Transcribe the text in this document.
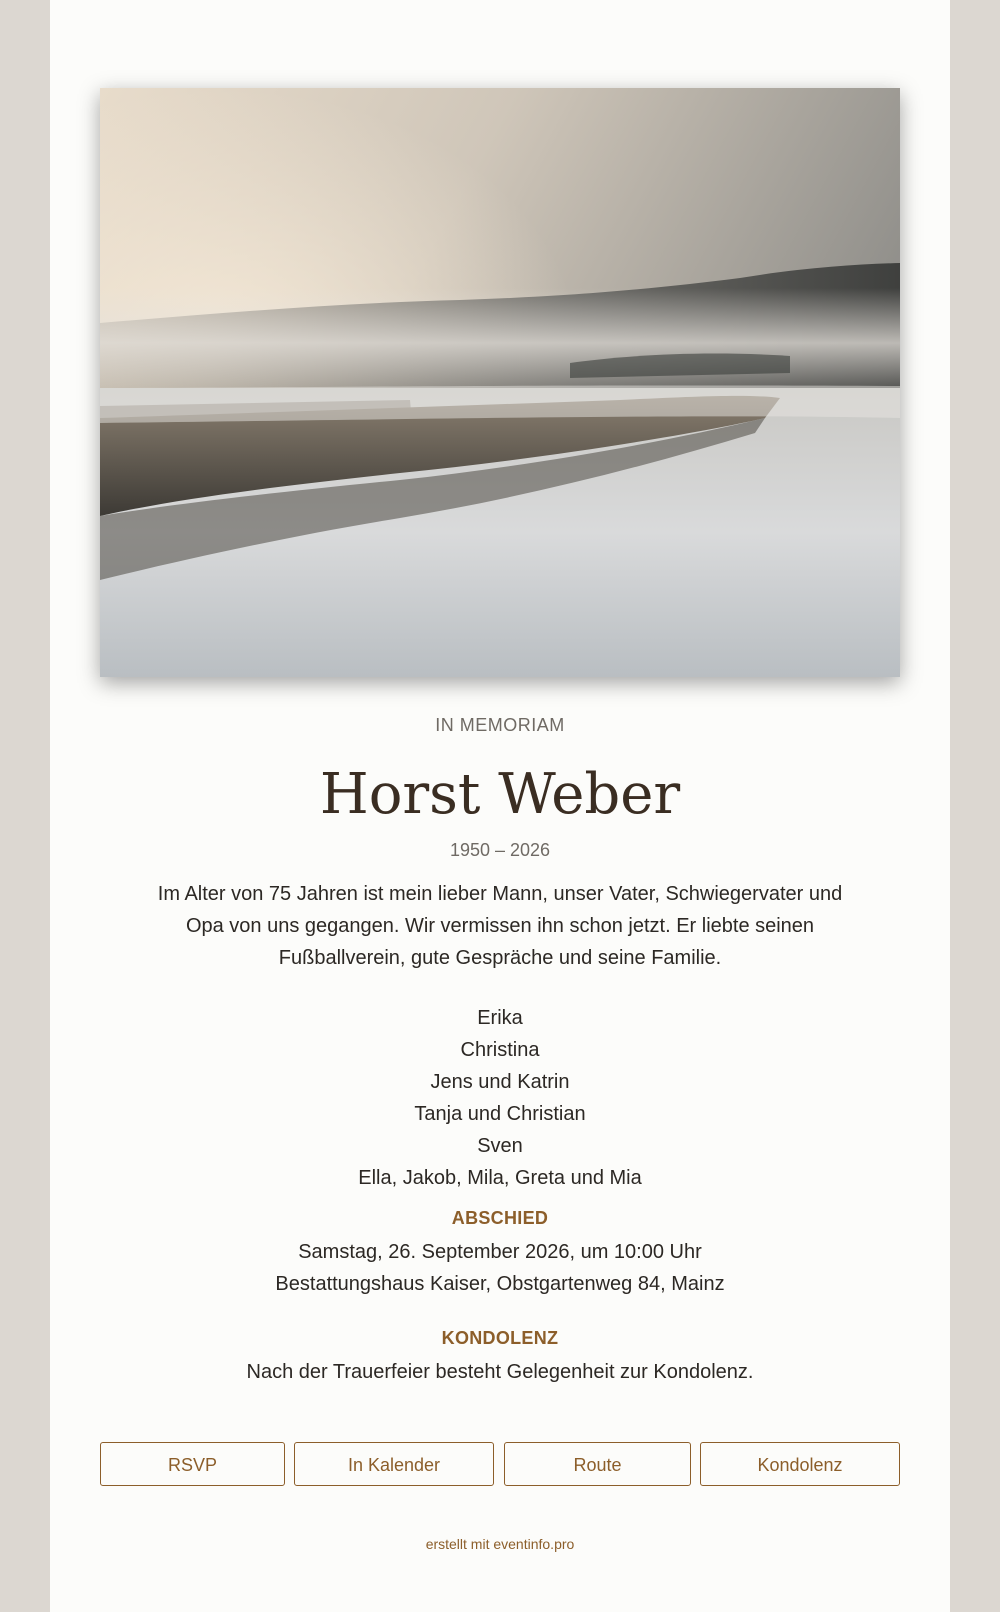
IN MEMORIAM
Horst Weber
1950 – 2026
Im Alter von 75 Jahren ist mein lieber Mann, unser Vater, Schwiegervater und
Opa von uns gegangen. Wir vermissen ihn schon jetzt. Er liebte seinen
Fußballverein, gute Gespräche und seine Familie.
Erika
Christina
Jens und Katrin
Tanja und Christian
Sven
Ella, Jakob, Mila, Greta und Mia
ABSCHIED
Samstag, 26. September 2026, um 10:00 Uhr
Bestattungshaus Kaiser, Obstgartenweg 84, Mainz
KONDOLENZ
Nach der Trauerfeier besteht Gelegenheit zur Kondolenz.
RSVP	In Kalender	Route	Kondolenz
erstellt mit eventinfo.pro
